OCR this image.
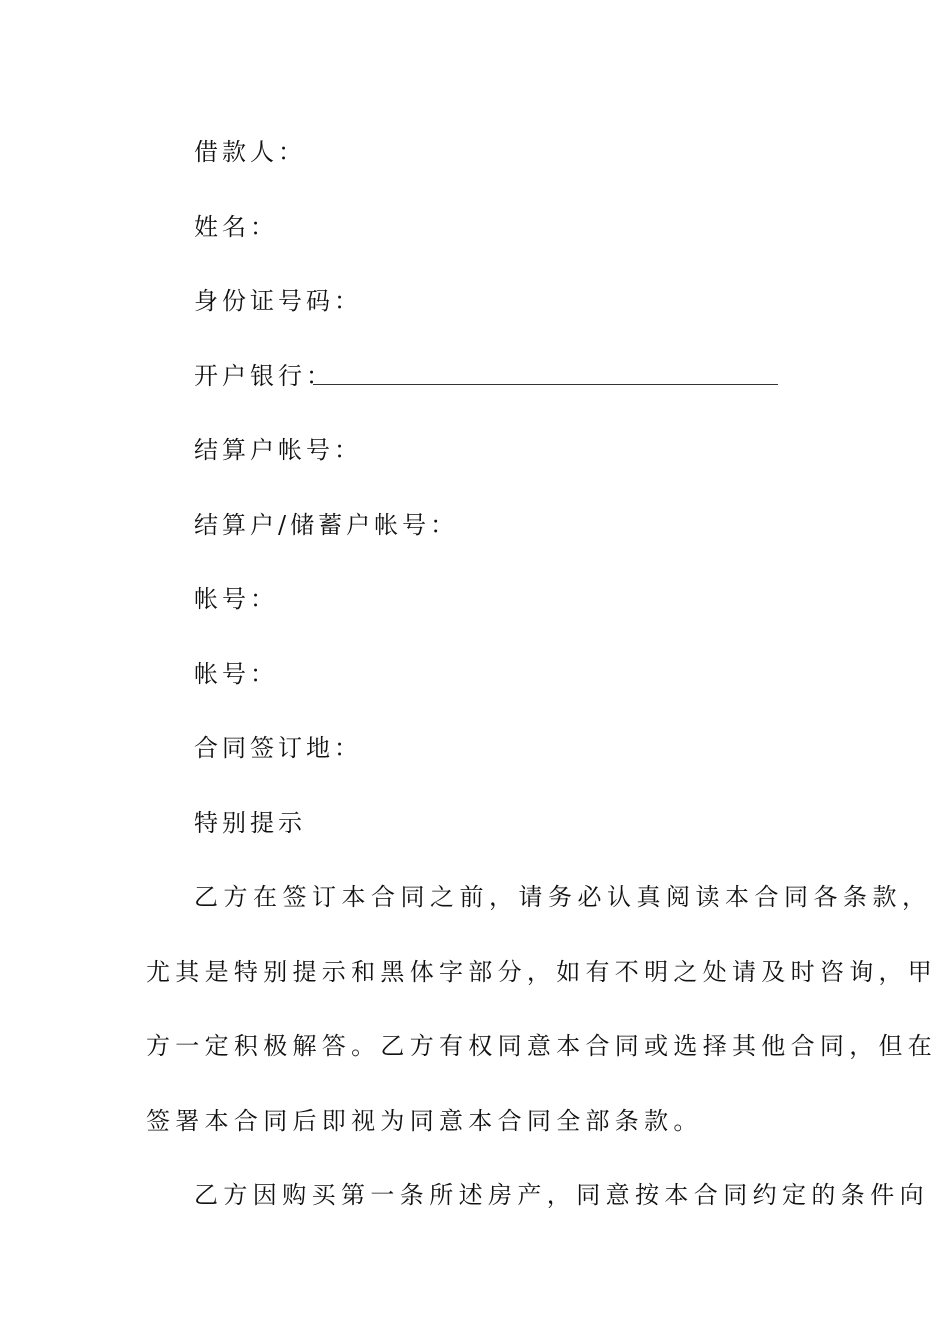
借款人：
姓名：
身份证号码：
开户银行：
结算户帐号：
结算户/储蓄户帐号：
帐号：
帐号：
合同签订地：
特别提示
乙方在签订本合同之前，请务必认真阅读本合同各条款，
尤其是特别提示和黑体字部分，如有不明之处请及时咨询，甲
方一定积极解答。乙方有权同意本合同或选择其他合同，但在
签署本合同后即视为同意本合同全部条款。
乙方因购买第一条所述房产，同意按本合同约定的条件向
